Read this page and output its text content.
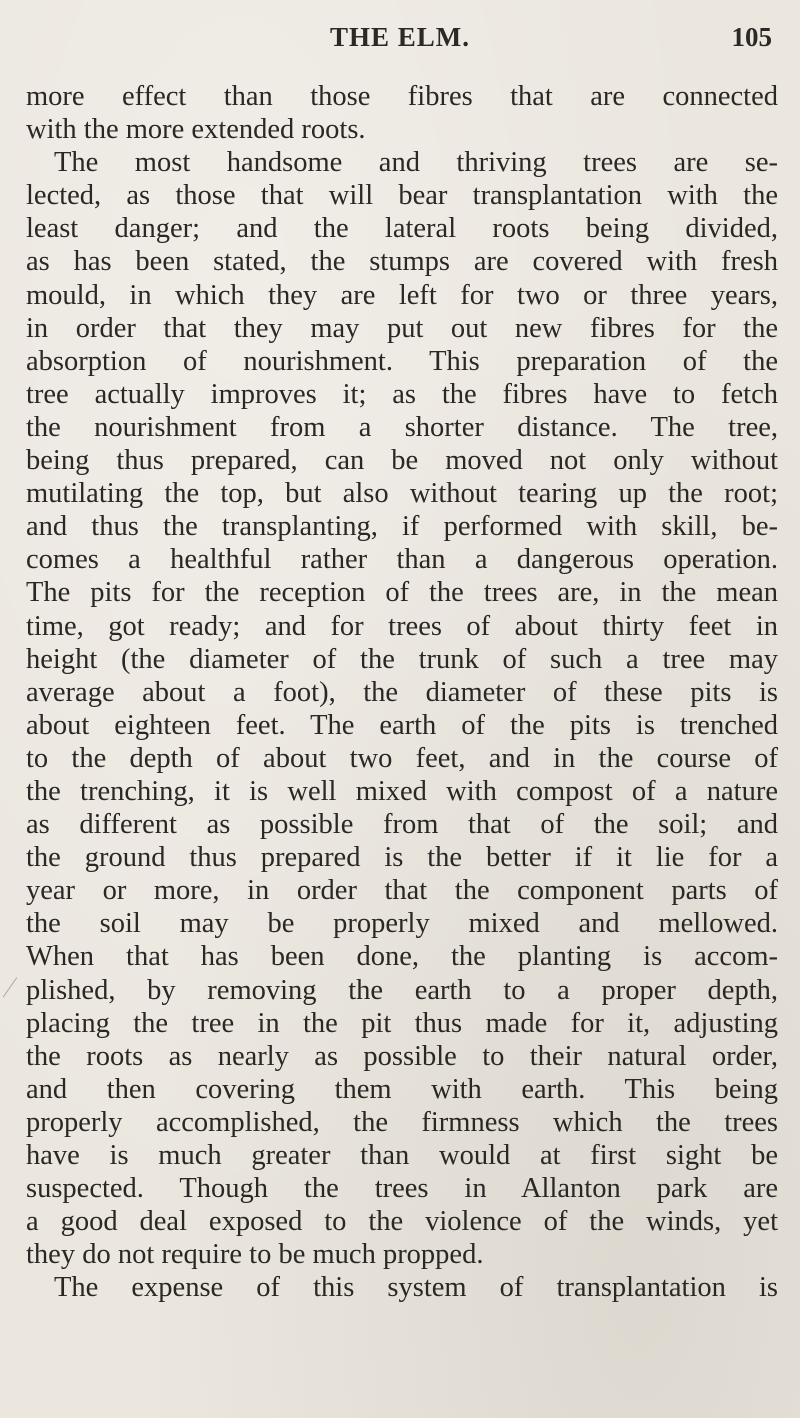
THE ELM.	105
more effect than those fibres that are connected
with the more extended roots.
The most handsome and thriving trees are se-
lected, as those that will bear transplantation with the
least danger; and the lateral roots being divided,
as has been stated, the stumps are covered with fresh
mould, in which they are left for two or three years,
in order that they may put out new fibres for the
absorption of nourishment. This preparation of the
tree actually improves it; as the fibres have to fetch
the nourishment from a shorter distance. The tree,
being thus prepared, can be moved not only without
mutilating the top, but also without tearing up the root;
and thus the transplanting, if performed with skill, be-
comes a healthful rather than a dangerous operation.
The pits for the reception of the trees are, in the mean
time, got ready; and for trees of about thirty feet in
height (the diameter of the trunk of such a tree may
average about a foot), the diameter of these pits is
about eighteen feet. The earth of the pits is trenched
to the depth of about two feet, and in the course of
the trenching, it is well mixed with compost of a nature
as different as possible from that of the soil; and
the ground thus prepared is the better if it lie for a
year or more, in order that the component parts of
the soil may be properly mixed and mellowed.
When that has been done, the planting is accom-
plished, by removing the earth to a proper depth,
placing the tree in the pit thus made for it, adjusting
the roots as nearly as possible to their natural order,
and then covering them with earth. This being
properly accomplished, the firmness which the trees
have is much greater than would at first sight be
suspected. Though the trees in Allanton park are
a good deal exposed to the violence of the winds, yet
they do not require to be much propped.
The expense of this system of transplantation is
